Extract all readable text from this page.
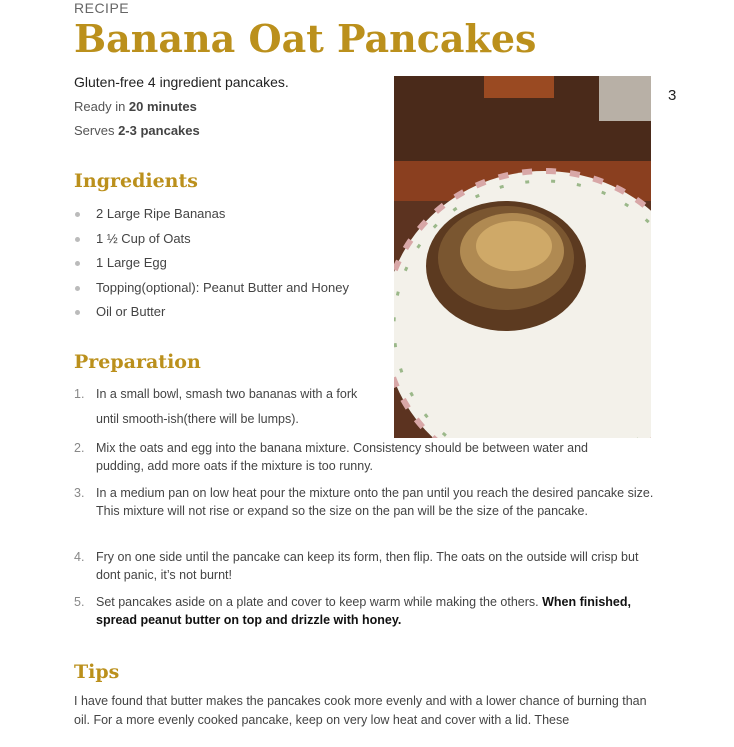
RECIPE
Banana Oat Pancakes
Gluten-free 4 ingredient pancakes.
Ready in 20 minutes
Serves 2-3 pancakes
3
Ingredients
2 Large Ripe Bananas
1 ½ Cup of Oats
1 Large Egg
Topping(optional): Peanut Butter and Honey
Oil or Butter
Preparation
1. In a small bowl, smash two bananas with a fork
until smooth-ish(there will be lumps).
2. Mix the oats and egg into the banana mixture. Consistency should be between water and pudding, add more oats if the mixture is too runny.
3. In a medium pan on low heat pour the mixture onto the pan until you reach the desired pancake size. This mixture will not rise or expand so the size on the pan will be the size of the pancake.
4. Fry on one side until the pancake can keep its form, then flip. The oats on the outside will crisp but dont panic, it’s not burnt!
5. Set pancakes aside on a plate and cover to keep warm while making the others. When finished, spread peanut butter on top and drizzle with honey.
Tips
I have found that butter makes the pancakes cook more evenly and with a lower chance of burning than oil. For a more evenly cooked pancake, keep on very low heat and cover with a lid. These
